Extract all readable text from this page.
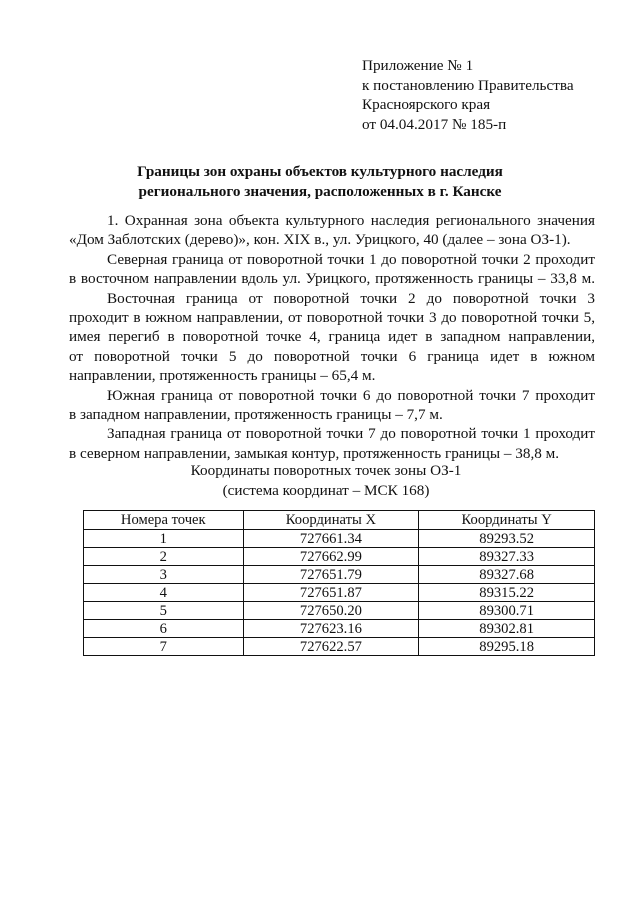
Приложение № 1
к постановлению Правительства
Красноярского края
от 04.04.2017 № 185-п
Границы зон охраны объектов культурного наследия
регионального значения, расположенных в г. Канске
1. Охранная зона объекта культурного наследия регионального значения
«Дом Заблотских (дерево)», кон. XIX в., ул. Урицкого, 40 (далее – зона ОЗ-1).
Северная граница от поворотной точки 1 до поворотной точки 2 проходит
в восточном направлении вдоль ул. Урицкого, протяженность границы – 33,8 м.
Восточная граница от поворотной точки 2 до поворотной точки 3
проходит в южном направлении, от поворотной точки 3 до поворотной точки 5,
имея перегиб в поворотной точке 4, граница идет в западном направлении,
от поворотной точки 5 до поворотной точки 6 граница идет в южном
направлении, протяженность границы – 65,4 м.
Южная граница от поворотной точки 6 до поворотной точки 7 проходит
в западном направлении, протяженность границы – 7,7 м.
Западная граница от поворотной точки 7 до поворотной точки 1 проходит
в северном направлении, замыкая контур, протяженность границы – 38,8 м.
Координаты поворотных точек зоны ОЗ-1
(система координат – МСК 168)
Номера точек	Координаты X	Координаты Y
1	727661.34	89293.52
2	727662.99	89327.33
3	727651.79	89327.68
4	727651.87	89315.22
5	727650.20	89300.71
6	727623.16	89302.81
7	727622.57	89295.18
